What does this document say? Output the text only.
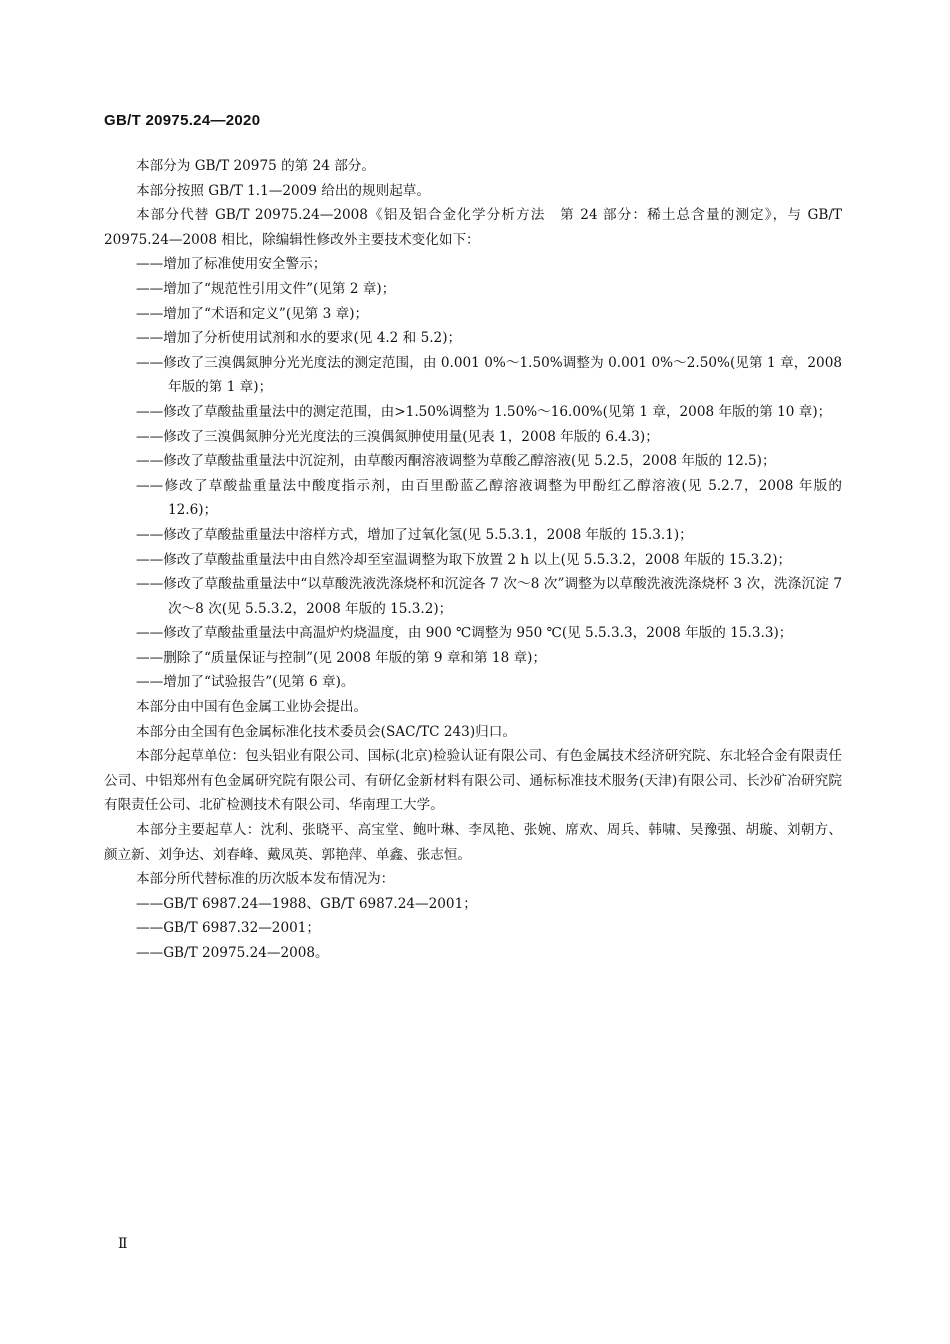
GB/T 20975.24—2020

本部分为 GB/T 20975 的第 24 部分。

本部分按照 GB/T 1.1—2009 给出的规则起草。

本部分代替 GB/T 20975.24—2008《铝及铝合金化学分析方法　第 24 部分：稀土总含量的测定》，与 GB/T 20975.24—2008 相比，除编辑性修改外主要技术变化如下：

——增加了标准使用安全警示；

——增加了“规范性引用文件”(见第 2 章)；

——增加了“术语和定义”(见第 3 章)；

——增加了分析使用试剂和水的要求(见 4.2 和 5.2)；

——修改了三溴偶氮胂分光光度法的测定范围，由 0.001 0%～1.50%调整为 0.001 0%～2.50%(见第 1 章，2008 年版的第 1 章)；

——修改了草酸盐重量法中的测定范围，由>1.50%调整为 1.50%～16.00%(见第 1 章，2008 年版的第 10 章)；

——修改了三溴偶氮胂分光光度法的三溴偶氮胂使用量(见表 1，2008 年版的 6.4.3)；

——修改了草酸盐重量法中沉淀剂，由草酸丙酮溶液调整为草酸乙醇溶液(见 5.2.5，2008 年版的 12.5)；

——修改了草酸盐重量法中酸度指示剂，由百里酚蓝乙醇溶液调整为甲酚红乙醇溶液(见 5.2.7，2008 年版的 12.6)；

——修改了草酸盐重量法中溶样方式，增加了过氧化氢(见 5.5.3.1，2008 年版的 15.3.1)；

——修改了草酸盐重量法中由自然冷却至室温调整为取下放置 2 h 以上(见 5.5.3.2，2008 年版的 15.3.2)；

——修改了草酸盐重量法中“以草酸洗液洗涤烧杯和沉淀各 7 次～8 次”调整为以草酸洗液洗涤烧杯 3 次，洗涤沉淀 7 次～8 次(见 5.5.3.2，2008 年版的 15.3.2)；

——修改了草酸盐重量法中高温炉灼烧温度，由 900 ℃调整为 950 ℃(见 5.5.3.3，2008 年版的 15.3.3)；

——删除了“质量保证与控制”(见 2008 年版的第 9 章和第 18 章)；

——增加了“试验报告”(见第 6 章)。

本部分由中国有色金属工业协会提出。

本部分由全国有色金属标准化技术委员会(SAC/TC 243)归口。

本部分起草单位：包头铝业有限公司、国标(北京)检验认证有限公司、有色金属技术经济研究院、东北轻合金有限责任公司、中铝郑州有色金属研究院有限公司、有研亿金新材料有限公司、通标标准技术服务(天津)有限公司、长沙矿冶研究院有限责任公司、北矿检测技术有限公司、华南理工大学。

本部分主要起草人：沈利、张晓平、高宝堂、鲍叶琳、李凤艳、张婉、席欢、周兵、韩啸、吴豫强、胡璇、刘朝方、颜立新、刘争达、刘春峰、戴凤英、郭艳萍、单鑫、张志恒。

本部分所代替标准的历次版本发布情况为：

——GB/T 6987.24—1988、GB/T 6987.24—2001；

——GB/T 6987.32—2001；

——GB/T 20975.24—2008。

Ⅱ
